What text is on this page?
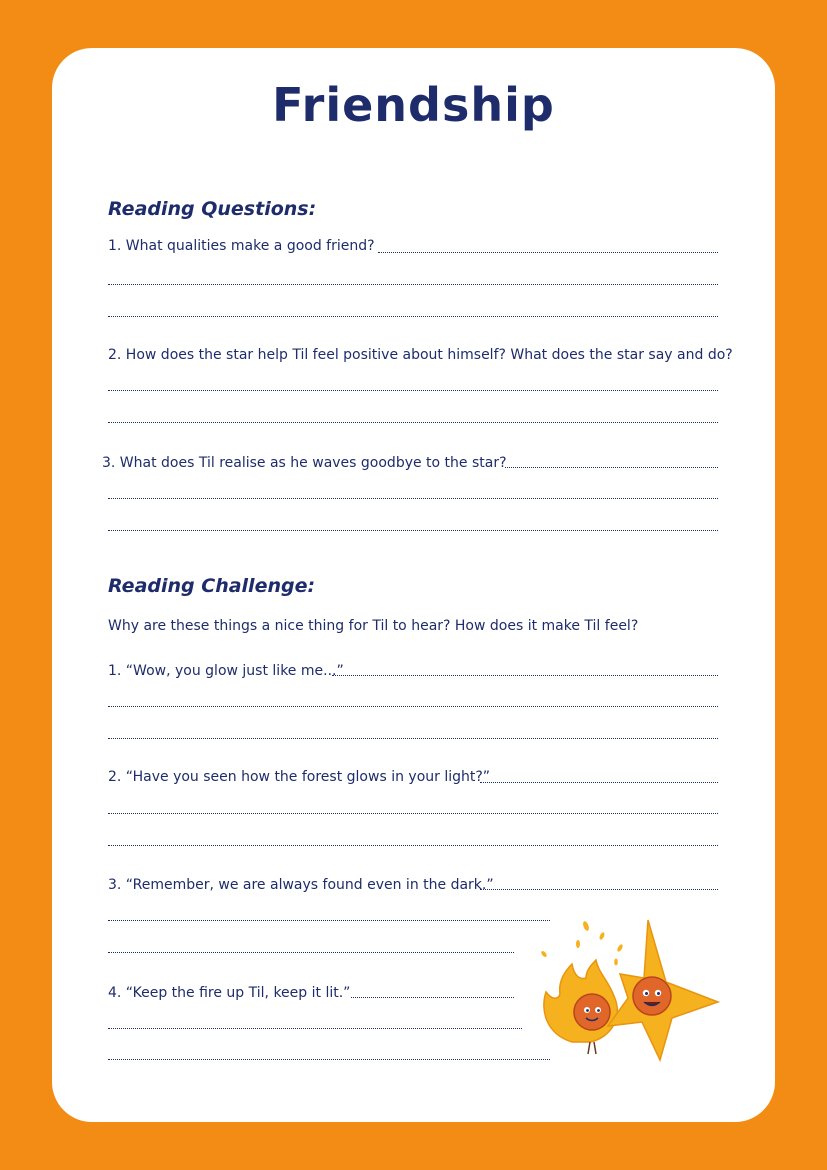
Friendship
Reading Questions:
1. What qualities make a good friend?
2. How does the star help Til feel positive about himself? What does the star say and do?
3. What does Til realise as he waves goodbye to the star?
Reading Challenge:
Why are these things a nice thing for Til to hear? How does it make Til feel?
1. “Wow, you glow just like me...”
2. “Have you seen how the forest glows in your light?”
3. “Remember, we are always found even in the dark.”
4. “Keep the fire up Til, keep it lit.”
